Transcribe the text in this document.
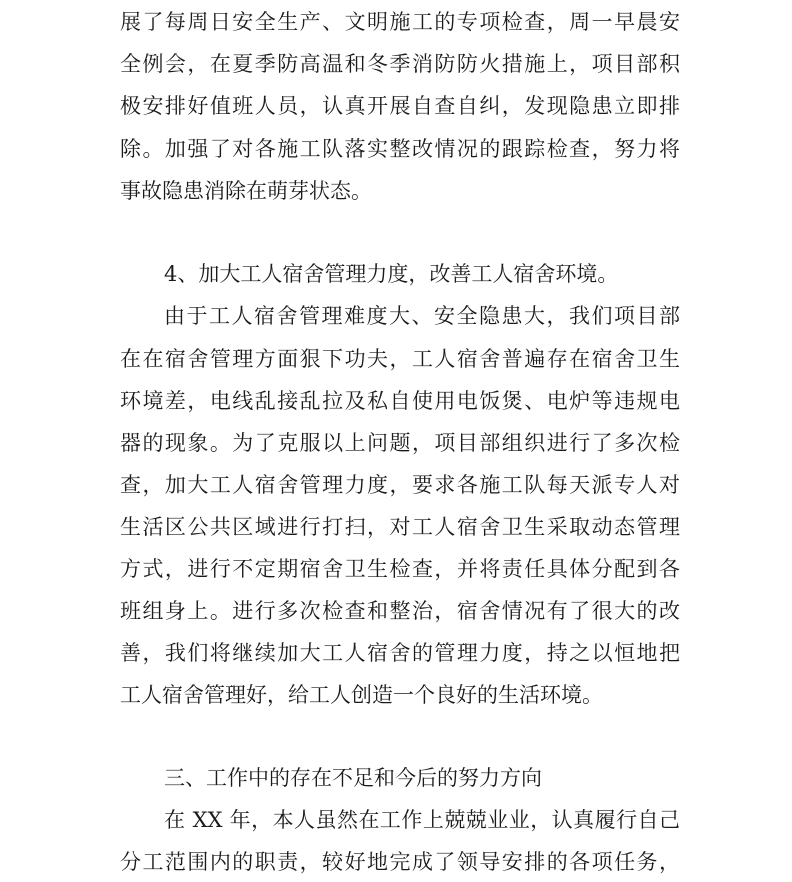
展了每周日安全生产、文明施工的专项检查，周一早晨安
全例会，在夏季防高温和冬季消防防火措施上，项目部积
极安排好值班人员，认真开展自查自纠，发现隐患立即排
除。加强了对各施工队落实整改情况的跟踪检查，努力将
事故隐患消除在萌芽状态。
4、加大工人宿舍管理力度，改善工人宿舍环境。
由于工人宿舍管理难度大、安全隐患大，我们项目部
在在宿舍管理方面狠下功夫，工人宿舍普遍存在宿舍卫生
环境差，电线乱接乱拉及私自使用电饭煲、电炉等违规电
器的现象。为了克服以上问题，项目部组织进行了多次检
查，加大工人宿舍管理力度，要求各施工队每天派专人对
生活区公共区域进行打扫，对工人宿舍卫生采取动态管理
方式，进行不定期宿舍卫生检查，并将责任具体分配到各
班组身上。进行多次检查和整治，宿舍情况有了很大的改
善，我们将继续加大工人宿舍的管理力度，持之以恒地把
工人宿舍管理好，给工人创造一个良好的生活环境。
三、工作中的存在不足和今后的努力方向
在 XX 年，本人虽然在工作上兢兢业业，认真履行自己
分工范围内的职责，较好地完成了领导安排的各项任务，
